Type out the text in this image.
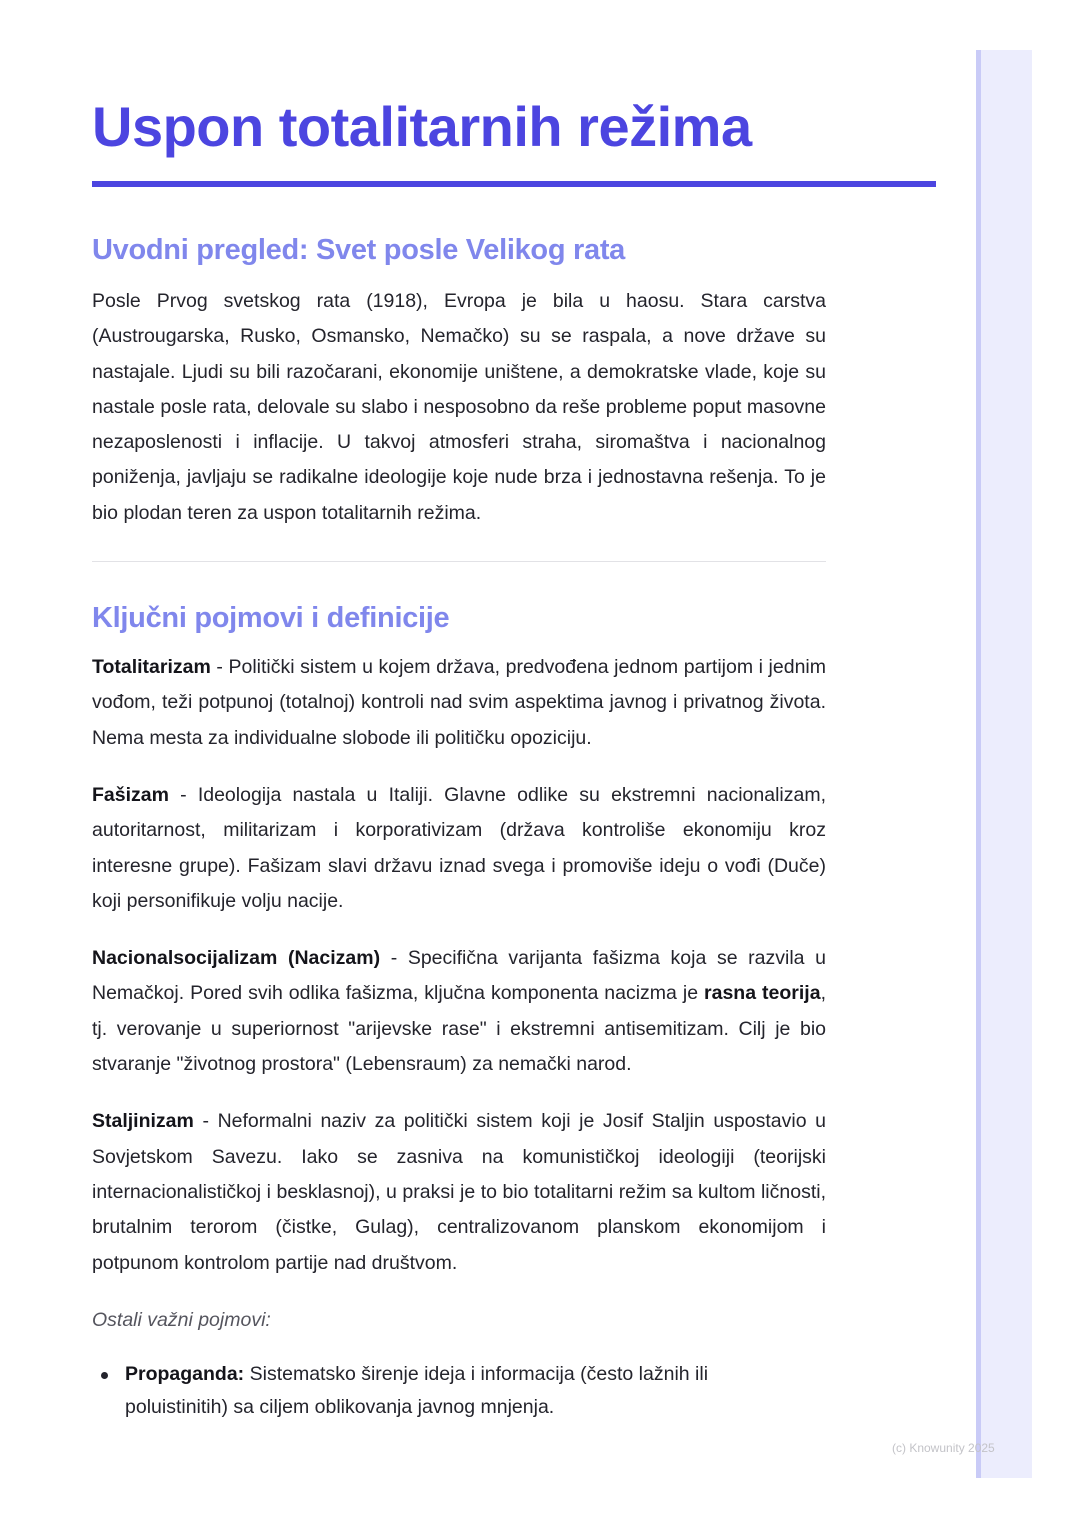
Uspon totalitarnih režima
Uvodni pregled: Svet posle Velikog rata

Posle Prvog svetskog rata (1918), Evropa je bila u haosu. Stara carstva (Austrougarska, Rusko, Osmansko, Nemačko) su se raspala, a nove države su nastajale. Ljudi su bili razočarani, ekonomije uništene, a demokratske vlade, koje su nastale posle rata, delovale su slabo i nesposobno da reše probleme poput masovne nezaposlenosti i inflacije. U takvoj atmosferi straha, siromaštva i nacionalnog poniženja, javljaju se radikalne ideologije koje nude brza i jednostavna rešenja. To je bio plodan teren za uspon totalitarnih režima.

Ključni pojmovi i definicije

Totalitarizam - Politički sistem u kojem država, predvođena jednom partijom i jednim vođom, teži potpunoj (totalnoj) kontroli nad svim aspektima javnog i privatnog života. Nema mesta za individualne slobode ili političku opoziciju.

Fašizam - Ideologija nastala u Italiji. Glavne odlike su ekstremni nacionalizam, autoritarnost, militarizam i korporativizam (država kontroliše ekonomiju kroz interesne grupe). Fašizam slavi državu iznad svega i promoviše ideju o vođi (Duče) koji personifikuje volju nacije.

Nacionalsocijalizam (Nacizam) - Specifična varijanta fašizma koja se razvila u Nemačkoj. Pored svih odlika fašizma, ključna komponenta nacizma je rasna teorija, tj. verovanje u superiornost "arijevske rase" i ekstremni antisemitizam. Cilj je bio stvaranje "životnog prostora" (Lebensraum) za nemački narod.

Staljinizam - Neformalni naziv za politički sistem koji je Josif Staljin uspostavio u Sovjetskom Savezu. Iako se zasniva na komunističkoj ideologiji (teorijski internacionalističkoj i besklasnoj), u praksi je to bio totalitarni režim sa kultom ličnosti, brutalnim terorom (čistke, Gulag), centralizovanom planskom ekonomijom i potpunom kontrolom partije nad društvom.

Ostali važni pojmovi:

Propaganda: Sistematsko širenje ideja i informacija (često lažnih ili poluistinitih) sa ciljem oblikovanja javnog mnjenja.
(c) Knowunity 2025
